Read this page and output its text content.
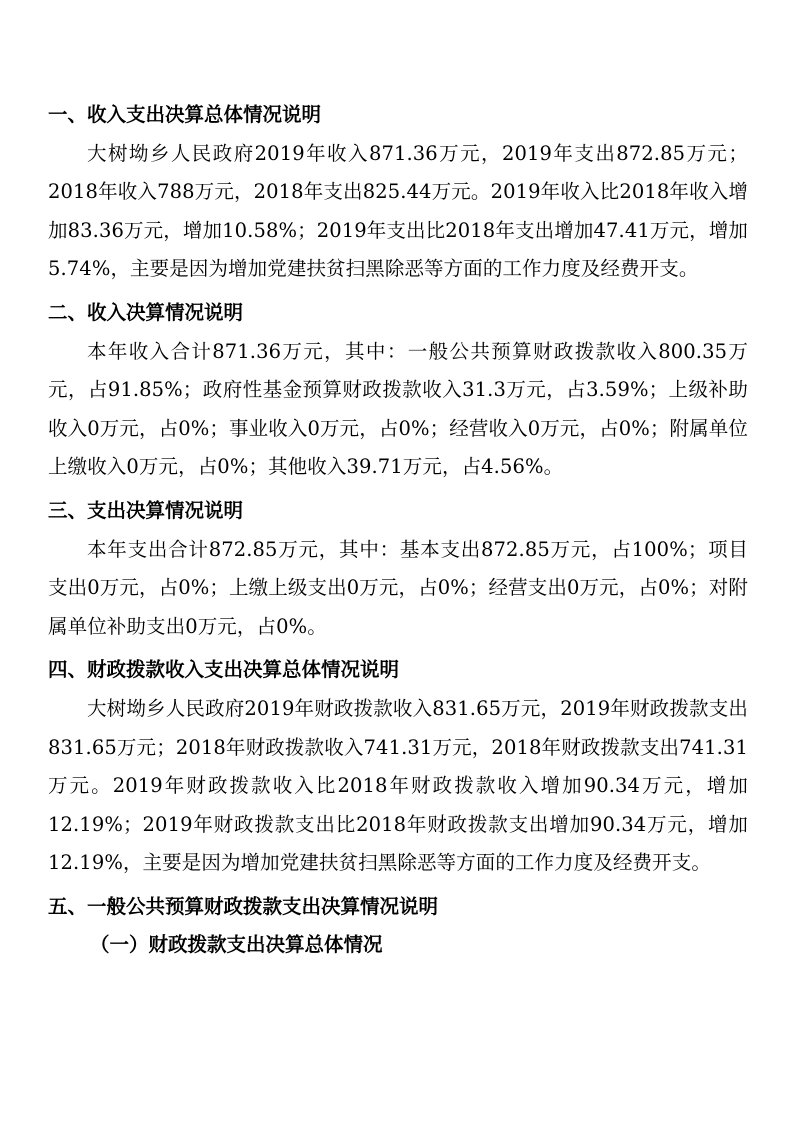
一、收入支出决算总体情况说明

大树坳乡人民政府2019年收入871.36万元，2019年支出872.85万元；2018年收入788万元，2018年支出825.44万元。2019年收入比2018年收入增加83.36万元，增加10.58%；2019年支出比2018年支出增加47.41万元，增加5.74%，主要是因为增加党建扶贫扫黑除恶等方面的工作力度及经费开支。

二、收入决算情况说明

本年收入合计871.36万元，其中：一般公共预算财政拨款收入800.35万元，占91.85%；政府性基金预算财政拨款收入31.3万元，占3.59%；上级补助收入0万元，占0%；事业收入0万元，占0%；经营收入0万元，占0%；附属单位上缴收入0万元，占0%；其他收入39.71万元，占4.56%。

三、支出决算情况说明

本年支出合计872.85万元，其中：基本支出872.85万元，占100%；项目支出0万元，占0%；上缴上级支出0万元，占0%；经营支出0万元，占0%；对附属单位补助支出0万元，占0%。

四、财政拨款收入支出决算总体情况说明

大树坳乡人民政府2019年财政拨款收入831.65万元，2019年财政拨款支出831.65万元；2018年财政拨款收入741.31万元，2018年财政拨款支出741.31万元。2019年财政拨款收入比2018年财政拨款收入增加90.34万元，增加12.19%；2019年财政拨款支出比2018年财政拨款支出增加90.34万元，增加12.19%，主要是因为增加党建扶贫扫黑除恶等方面的工作力度及经费开支。

五、一般公共预算财政拨款支出决算情况说明
（一）财政拨款支出决算总体情况
